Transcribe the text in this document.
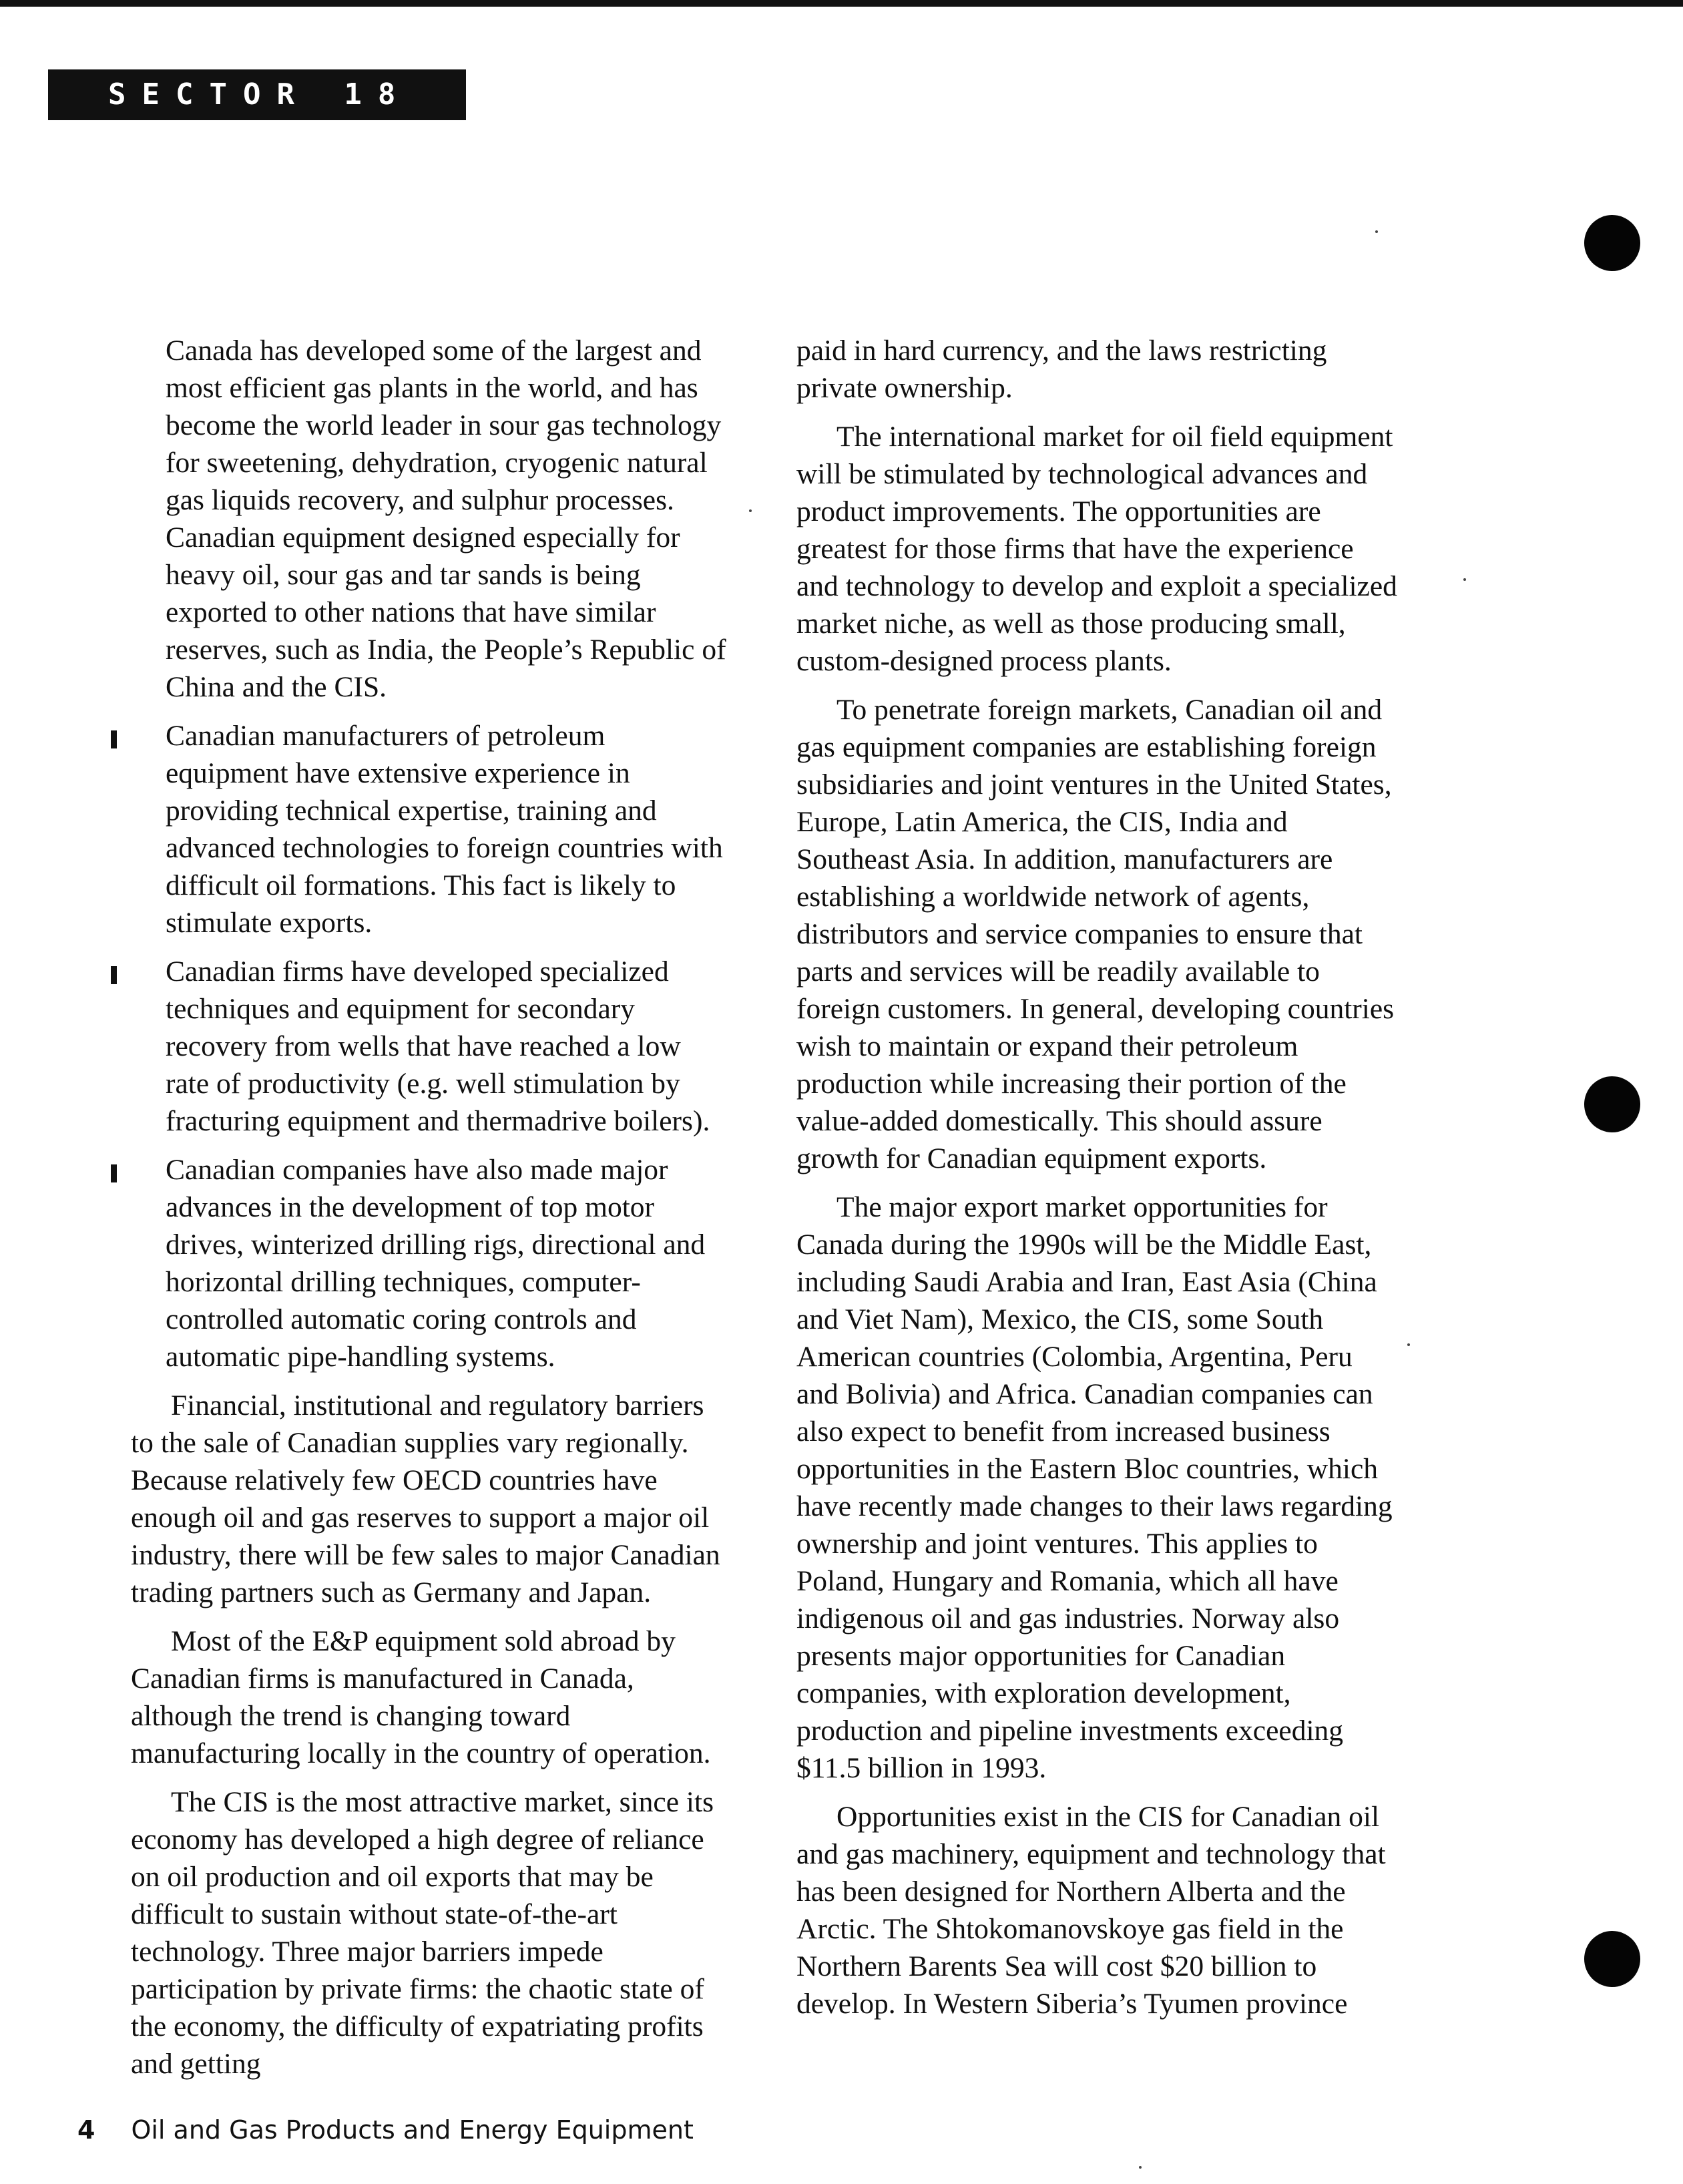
SECTOR 18

Canada has developed some of the largest and most efficient gas plants in the world, and has become the world leader in sour gas technology for sweetening, dehydration, cryogenic natural gas liquids recovery, and sulphur processes. Canadian equipment designed especially for heavy oil, sour gas and tar sands is being exported to other nations that have similar reserves, such as India, the People’s Republic of China and the CIS.

Canadian manufacturers of petroleum equipment have extensive experience in providing technical expertise, training and advanced technologies to foreign countries with difficult oil formations. This fact is likely to stimulate exports.
Canadian firms have developed specialized techniques and equipment for secondary recovery from wells that have reached a low rate of productivity (e.g. well stimulation by fracturing equipment and thermadrive boilers).
Canadian companies have also made major advances in the development of top motor drives, winterized drilling rigs, directional and horizontal drilling techniques, computer-controlled automatic coring controls and automatic pipe-handling systems.

Financial, institutional and regulatory barriers to the sale of Canadian supplies vary regionally. Because relatively few OECD countries have enough oil and gas reserves to support a major oil industry, there will be few sales to major Canadian trading partners such as Germany and Japan.

Most of the E&P equipment sold abroad by Canadian firms is manufactured in Canada, although the trend is changing toward manufacturing locally in the country of operation.

The CIS is the most attractive market, since its economy has developed a high degree of reliance on oil production and oil exports that may be difficult to sustain without state-of-the-art technology. Three major barriers impede participation by private firms: the chaotic state of the economy, the difficulty of expatriating profits and getting

paid in hard currency, and the laws restricting private ownership.

The international market for oil field equipment will be stimulated by technological advances and product improvements. The opportunities are greatest for those firms that have the experience and technology to develop and exploit a specialized market niche, as well as those producing small, custom-designed process plants.

To penetrate foreign markets, Canadian oil and gas equipment companies are establishing foreign subsidiaries and joint ventures in the United States, Europe, Latin America, the CIS, India and Southeast Asia. In addition, manufacturers are establishing a worldwide network of agents, distributors and service companies to ensure that parts and services will be readily available to foreign customers. In general, developing countries wish to maintain or expand their petroleum production while increasing their portion of the value-added domestically. This should assure growth for Canadian equipment exports.

The major export market opportunities for Canada during the 1990s will be the Middle East, including Saudi Arabia and Iran, East Asia (China and Viet Nam), Mexico, the CIS, some South American countries (Colombia, Argentina, Peru and Bolivia) and Africa. Canadian companies can also expect to benefit from increased business opportunities in the Eastern Bloc countries, which have recently made changes to their laws regarding ownership and joint ventures. This applies to Poland, Hungary and Romania, which all have indigenous oil and gas industries. Norway also presents major opportunities for Canadian companies, with exploration development, production and pipeline investments exceeding $11.5 billion in 1993.

Opportunities exist in the CIS for Canadian oil and gas machinery, equipment and technology that has been designed for Northern Alberta and the Arctic. The Shtokomanovskoye gas field in the Northern Barents Sea will cost $20 billion to develop. In Western Siberia’s Tyumen province

4 Oil and Gas Products and Energy Equipment
